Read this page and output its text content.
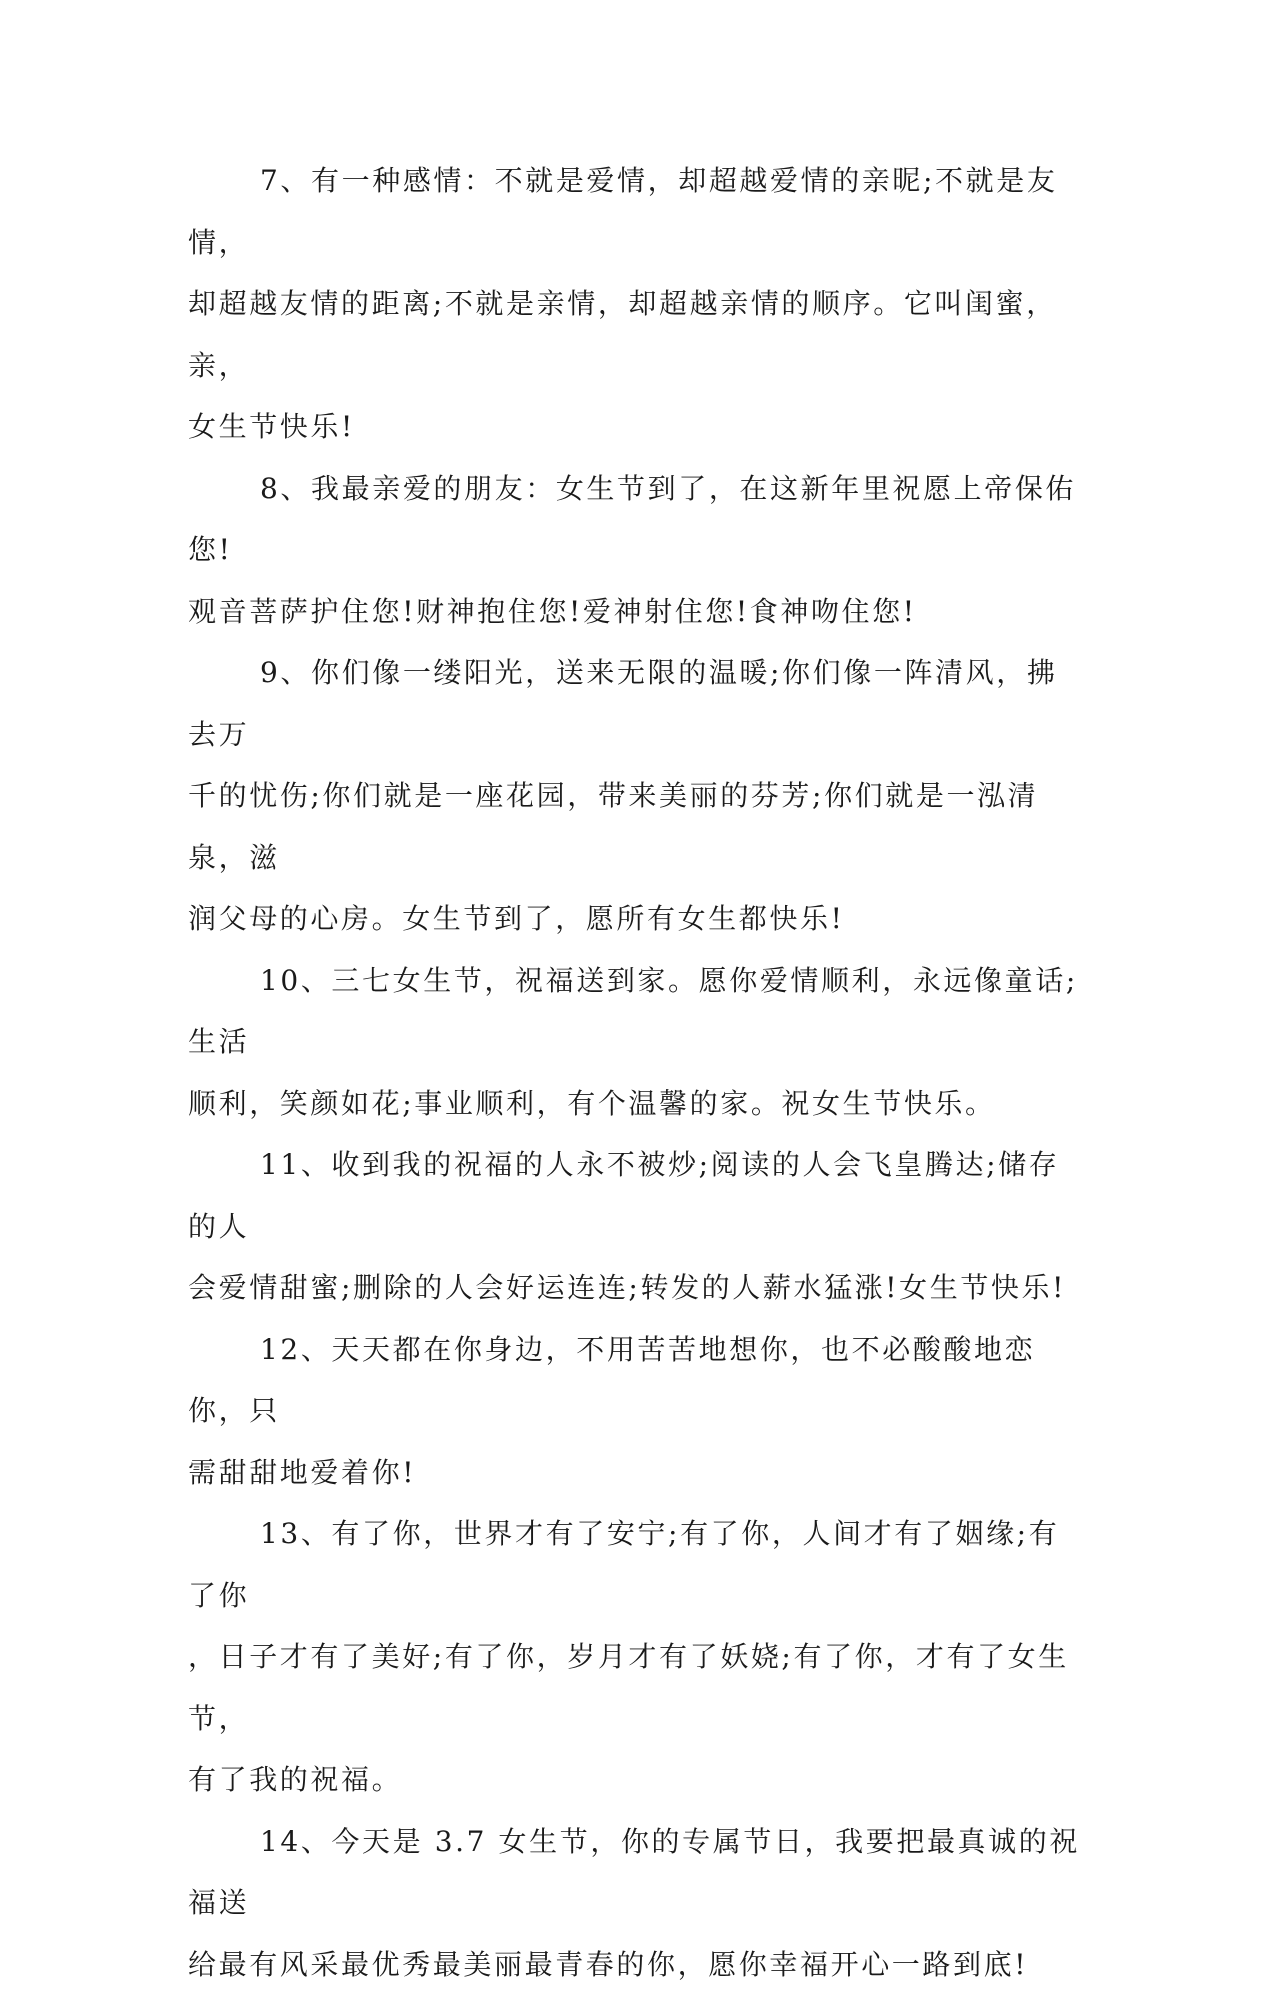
7、有一种感情：不就是爱情，却超越爱情的亲昵;不就是友情，
却超越友情的距离;不就是亲情，却超越亲情的顺序。它叫闺蜜，亲，
女生节快乐!

8、我最亲爱的朋友：女生节到了，在这新年里祝愿上帝保佑您!
观音菩萨护住您!财神抱住您!爱神射住您!食神吻住您!

9、你们像一缕阳光，送来无限的温暖;你们像一阵清风，拂去万
千的忧伤;你们就是一座花园，带来美丽的芬芳;你们就是一泓清泉，滋
润父母的心房。女生节到了，愿所有女生都快乐!

10、三七女生节，祝福送到家。愿你爱情顺利，永远像童话;生活
顺利，笑颜如花;事业顺利，有个温馨的家。祝女生节快乐。

11、收到我的祝福的人永不被炒;阅读的人会飞皇腾达;储存的人
会爱情甜蜜;删除的人会好运连连;转发的人薪水猛涨!女生节快乐!

12、天天都在你身边，不用苦苦地想你，也不必酸酸地恋你，只
需甜甜地爱着你!

13、有了你，世界才有了安宁;有了你，人间才有了姻缘;有了你
，日子才有了美好;有了你，岁月才有了妖娆;有了你，才有了女生节，
有了我的祝福。

14、今天是 3.7 女生节，你的专属节日，我要把最真诚的祝福送
给最有风采最优秀最美丽最青春的你，愿你幸福开心一路到底!
